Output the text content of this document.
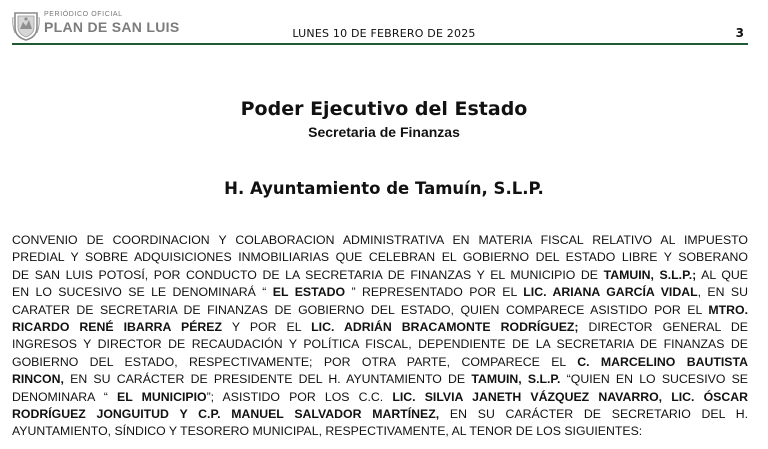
PERIÓDICO OFICIAL
PLAN DE SAN LUIS	LUNES 10 DE FEBRERO DE 2025	3
Poder Ejecutivo del Estado
Secretaria de Finanzas
H. Ayuntamiento de Tamuín, S.L.P.
CONVENIO DE COORDINACION Y COLABORACION ADMINISTRATIVA EN MATERIA FISCAL RELATIVO AL IMPUESTO
PREDIAL Y SOBRE ADQUISICIONES INMOBILIARIAS QUE CELEBRAN EL GOBIERNO DEL ESTADO LIBRE Y SOBERANO
DE SAN LUIS POTOSÍ, POR CONDUCTO DE LA SECRETARIA DE FINANZAS Y EL MUNICIPIO DE TAMUIN, S.L.P.; AL QUE
EN LO SUCESIVO SE LE DENOMINARÁ “ EL ESTADO ” REPRESENTADO POR EL LIC. ARIANA GARCÍA VIDAL, EN SU
CARATER DE SECRETARIA DE FINANZAS DE GOBIERNO DEL ESTADO, QUIEN COMPARECE ASISTIDO POR EL MTRO.
RICARDO RENÉ IBARRA PÉREZ Y POR EL LIC. ADRIÁN BRACAMONTE RODRÍGUEZ; DIRECTOR GENERAL DE
INGRESOS Y DIRECTOR DE RECAUDACIÓN Y POLÍTICA FISCAL, DEPENDIENTE DE LA SECRETARIA DE FINANZAS DE
GOBIERNO DEL ESTADO, RESPECTIVAMENTE; POR OTRA PARTE, COMPARECE EL C. MARCELINO BAUTISTA
RINCON, EN SU CARÁCTER DE PRESIDENTE DEL H. AYUNTAMIENTO DE TAMUIN, S.L.P. “QUIEN EN LO SUCESIVO SE
DENOMINARA “ EL MUNICIPIO”; ASISTIDO POR LOS C.C. LIC. SILVIA JANETH VÁZQUEZ NAVARRO, LIC. ÓSCAR
RODRÍGUEZ JONGUITUD Y C.P. MANUEL SALVADOR MARTÍNEZ, EN SU CARÁCTER DE SECRETARIO DEL H.
AYUNTAMIENTO, SÍNDICO Y TESORERO MUNICIPAL, RESPECTIVAMENTE, AL TENOR DE LOS SIGUIENTES:
